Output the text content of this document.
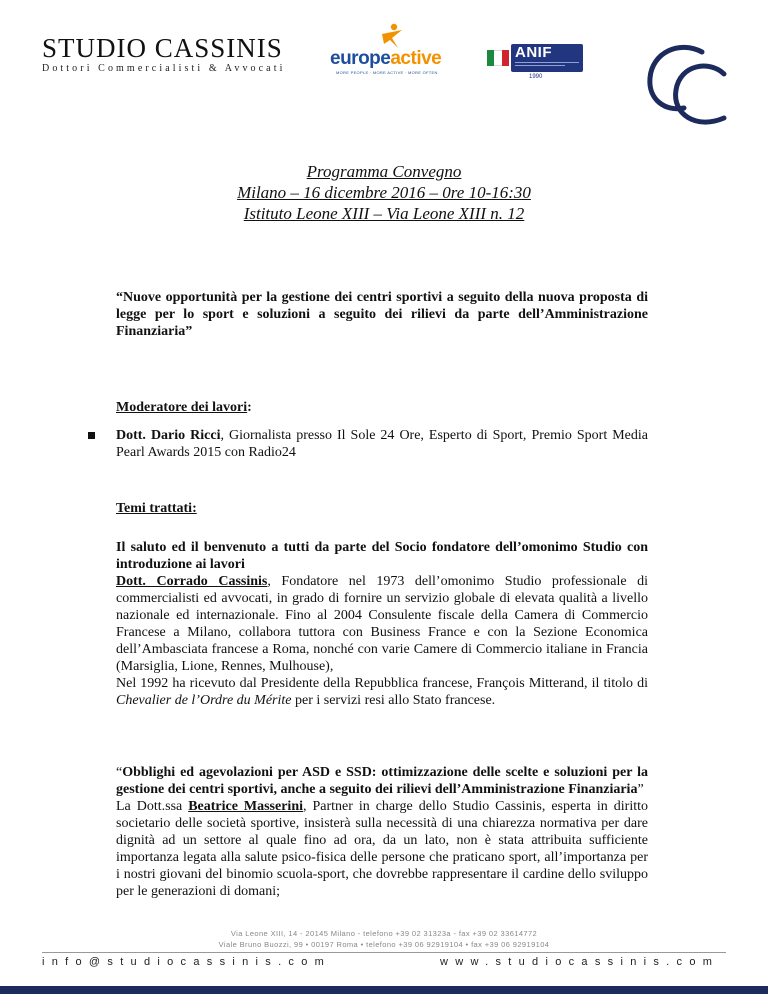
STUDIO CASSINIS
Dottori Commercialisti & Avvocati europeactive
MORE PEOPLE · MORE ACTIVE · MORE OFTEN
ANIF
1990
Programma Convegno
Milano – 16 dicembre 2016 – 0re 10-16:30
Istituto Leone XIII – Via Leone XIII n. 12
“Nuove opportunità per la gestione dei centri sportivi a seguito della nuova proposta di legge per lo sport e soluzioni a seguito dei rilievi da parte dell’Amministrazione Finanziaria”
Moderatore dei lavori:
Dott. Dario Ricci, Giornalista presso Il Sole 24 Ore, Esperto di Sport, Premio Sport Media Pearl Awards 2015 con Radio24
Temi trattati:
Il saluto ed il benvenuto a tutti da parte del Socio fondatore dell’omonimo Studio con introduzione ai lavori
Dott. Corrado Cassinis, Fondatore nel 1973 dell’omonimo Studio professionale di commercialisti ed avvocati, in grado di fornire un servizio globale di elevata qualità a livello nazionale ed internazionale. Fino al 2004 Consulente fiscale della Camera di Commercio Francese a Milano, collabora tuttora con Business France e con la Sezione Economica dell’Ambasciata francese a Roma, nonché con varie Camere di Commercio italiane in Francia (Marsiglia, Lione, Rennes, Mulhouse),
Nel 1992 ha ricevuto dal Presidente della Repubblica francese, François Mitterand, il titolo di Chevalier de l’Ordre du Mérite per i servizi resi allo Stato francese.
“Obblighi ed agevolazioni per ASD e SSD: ottimizzazione delle scelte e soluzioni per la gestione dei centri sportivi, anche a seguito dei rilievi dell’Amministrazione Finanziaria”
La Dott.ssa Beatrice Masserini, Partner in charge dello Studio Cassinis, esperta in diritto societario delle società sportive, insisterà sulla necessità di una chiarezza normativa per dare dignità ad un settore al quale fino ad ora, da un lato, non è stata attribuita sufficiente importanza legata alla salute psico-fisica delle persone che praticano sport, all’importanza per i nostri giovani del binomio scuola-sport, che dovrebbe rappresentare il cardine dello sviluppo per le generazioni di domani;
Via Leone XIII, 14 - 20145 Milano - telefono +39 02 31323a - fax +39 02 33614772
Viale Bruno Buozzi, 99 • 00197 Roma • telefono +39 06 92919104 • fax +39 06 92919104
info@studiocassinis.com	www.studiocassinis.com
